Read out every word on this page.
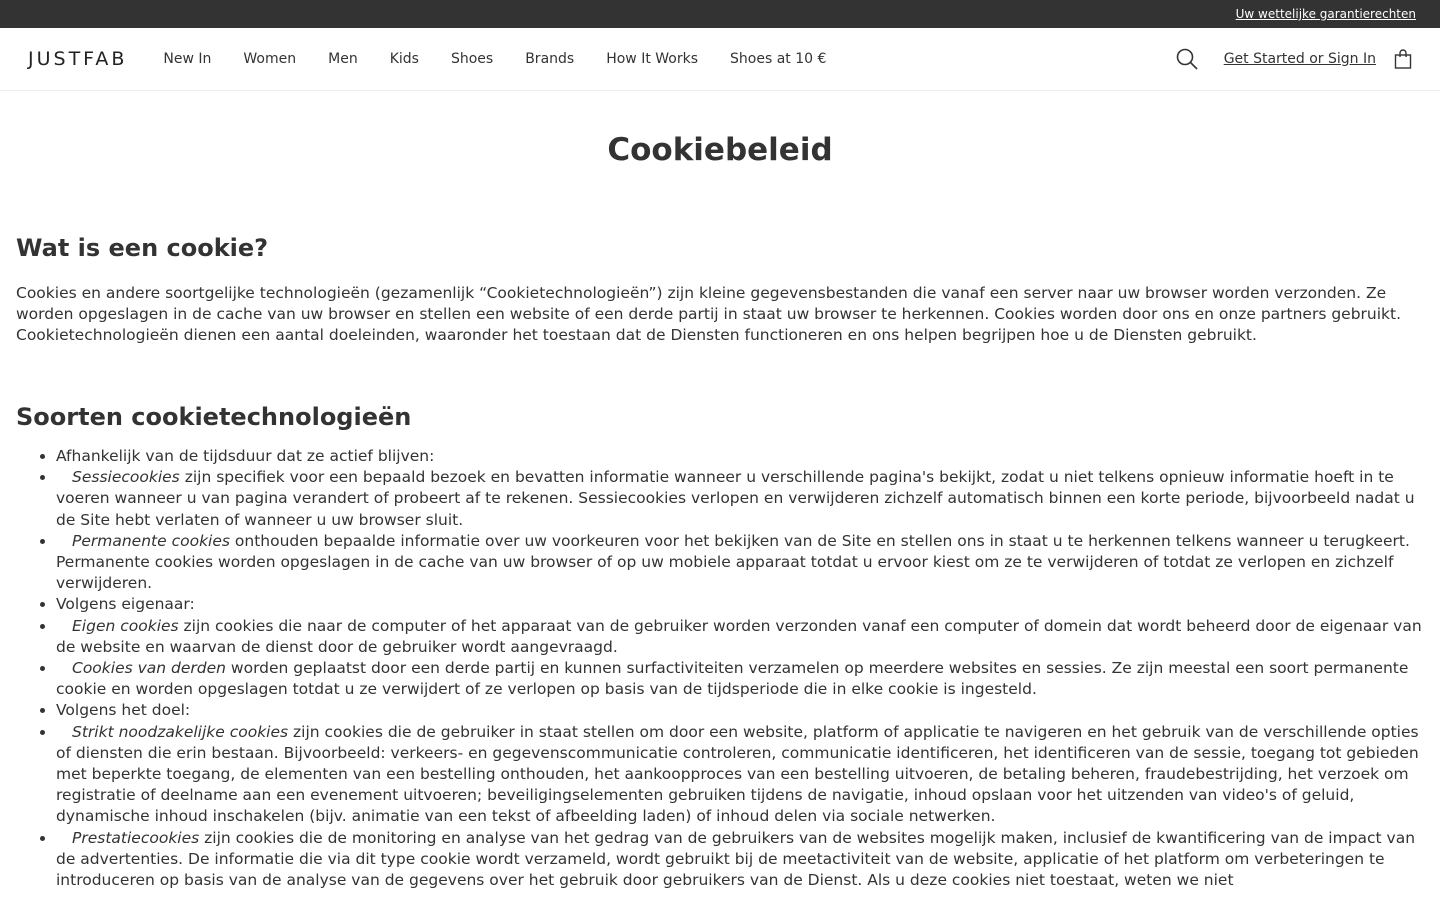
Uw wettelijke garantierechten
JUSTFAB	New In Women Men Kids Shoes Brands How It Works Shoes at 10 €	Get Started or Sign In
Cookiebeleid
Wat is een cookie?

Cookies en andere soortgelijke technologieën (gezamenlijk “Cookietechnologieën”) zijn kleine gegevensbestanden die vanaf een server naar uw browser worden verzonden. Ze worden opgeslagen in de cache van uw browser en stellen een website of een derde partij in staat uw browser te herkennen. Cookies worden door ons en onze partners gebruikt. Cookietechnologieën dienen een aantal doeleinden, waaronder het toestaan dat de Diensten functioneren en ons helpen begrijpen hoe u de Diensten gebruikt.

Soorten cookietechnologieën
• Afhankelijk van de tijdsduur dat ze actief blijven:
• Sessiecookies zijn specifiek voor een bepaald bezoek en bevatten informatie wanneer u verschillende pagina's bekijkt, zodat u niet telkens opnieuw informatie hoeft in te voeren wanneer u van pagina verandert of probeert af te rekenen. Sessiecookies verlopen en verwijderen zichzelf automatisch binnen een korte periode, bijvoorbeeld nadat u de Site hebt verlaten of wanneer u uw browser sluit.
• Permanente cookies onthouden bepaalde informatie over uw voorkeuren voor het bekijken van de Site en stellen ons in staat u te herkennen telkens wanneer u terugkeert. Permanente cookies worden opgeslagen in de cache van uw browser of op uw mobiele apparaat totdat u ervoor kiest om ze te verwijderen of totdat ze verlopen en zichzelf verwijderen.
• Volgens eigenaar:
• Eigen cookies zijn cookies die naar de computer of het apparaat van de gebruiker worden verzonden vanaf een computer of domein dat wordt beheerd door de eigenaar van de website en waarvan de dienst door de gebruiker wordt aangevraagd.
• Cookies van derden worden geplaatst door een derde partij en kunnen surfactiviteiten verzamelen op meerdere websites en sessies. Ze zijn meestal een soort permanente cookie en worden opgeslagen totdat u ze verwijdert of ze verlopen op basis van de tijdsperiode die in elke cookie is ingesteld.
• Volgens het doel:
• Strikt noodzakelijke cookies zijn cookies die de gebruiker in staat stellen om door een website, platform of applicatie te navigeren en het gebruik van de verschillende opties of diensten die erin bestaan. Bijvoorbeeld: verkeers- en gegevenscommunicatie controleren, communicatie identificeren, het identificeren van de sessie, toegang tot gebieden met beperkte toegang, de elementen van een bestelling onthouden, het aankoopproces van een bestelling uitvoeren, de betaling beheren, fraudebestrijding, het verzoek om registratie of deelname aan een evenement uitvoeren; beveiligingselementen gebruiken tijdens de navigatie, inhoud opslaan voor het uitzenden van video's of geluid, dynamische inhoud inschakelen (bijv. animatie van een tekst of afbeelding laden) of inhoud delen via sociale netwerken.
• Prestatiecookies zijn cookies die de monitoring en analyse van het gedrag van de gebruikers van de websites mogelijk maken, inclusief de kwantificering van de impact van de advertenties. De informatie die via dit type cookie wordt verzameld, wordt gebruikt bij de meetactiviteit van de website, applicatie of het platform om verbeteringen te introduceren op basis van de analyse van de gegevens over het gebruik door gebruikers van de Dienst. Als u deze cookies niet toestaat, weten we niet
